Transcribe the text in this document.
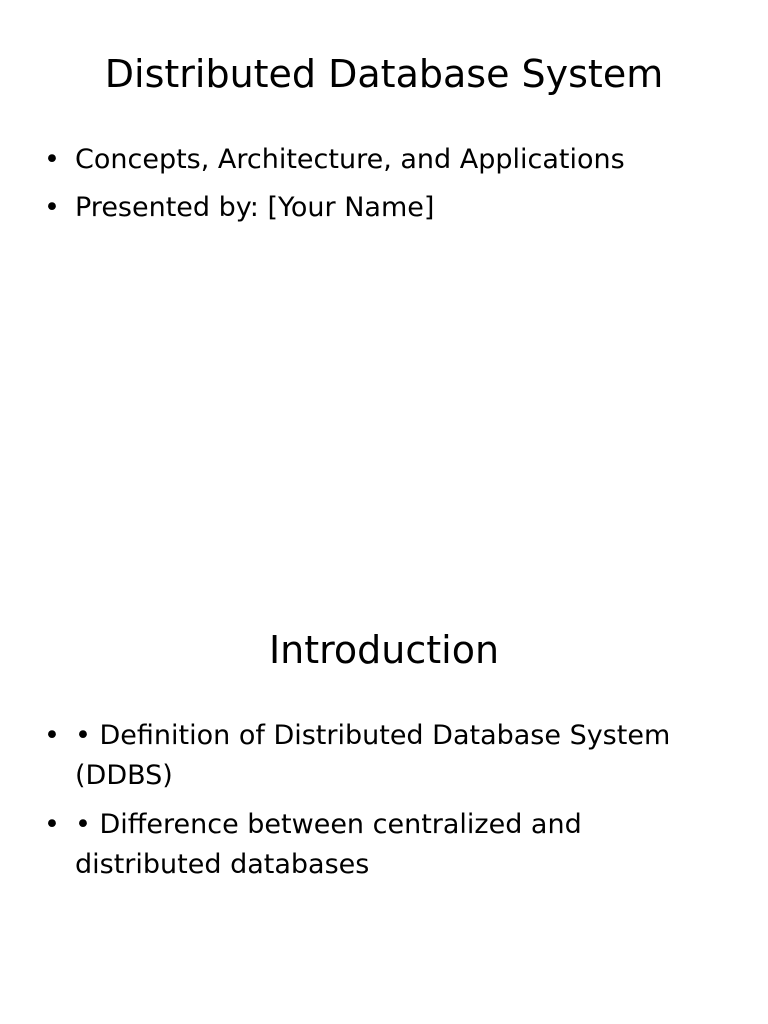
Distributed Database System
• Concepts, Architecture, and Applications
• Presented by: [Your Name]
Introduction
• • Definition of Distributed Database System (DDBS)
• • Difference between centralized and distributed databases
